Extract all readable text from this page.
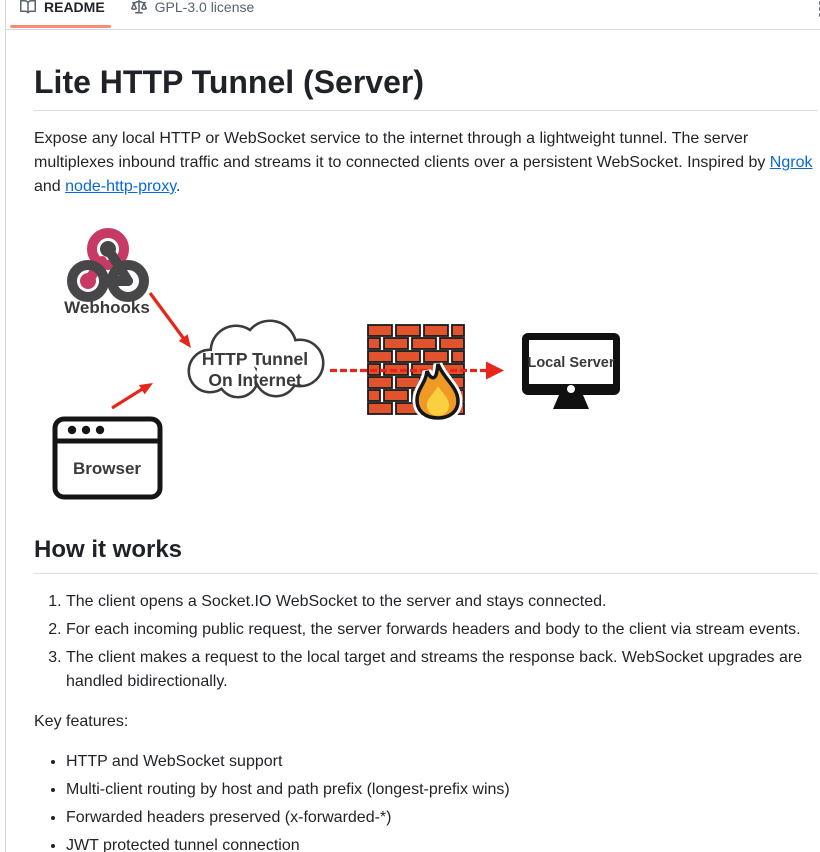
README	GPL-3.0 license
Lite HTTP Tunnel (Server)

Expose any local HTTP or WebSocket service to the internet through a lightweight tunnel. The server multiplexes inbound traffic and streams it to connected clients over a persistent WebSocket. Inspired by Ngrok and node-http-proxy.

Webhooks
HTTP Tunnel
On Internet
Local Server
Browser
How it works
1. The client opens a Socket.IO WebSocket to the server and stays connected.
2. For each incoming public request, the server forwards headers and body to the client via stream events.
3. The client makes a request to the local target and streams the response back. WebSocket upgrades are handled bidirectionally.

Key features:

• HTTP and WebSocket support
• Multi-client routing by host and path prefix (longest-prefix wins)
• Forwarded headers preserved (x-forwarded-*)
• JWT protected tunnel connection
